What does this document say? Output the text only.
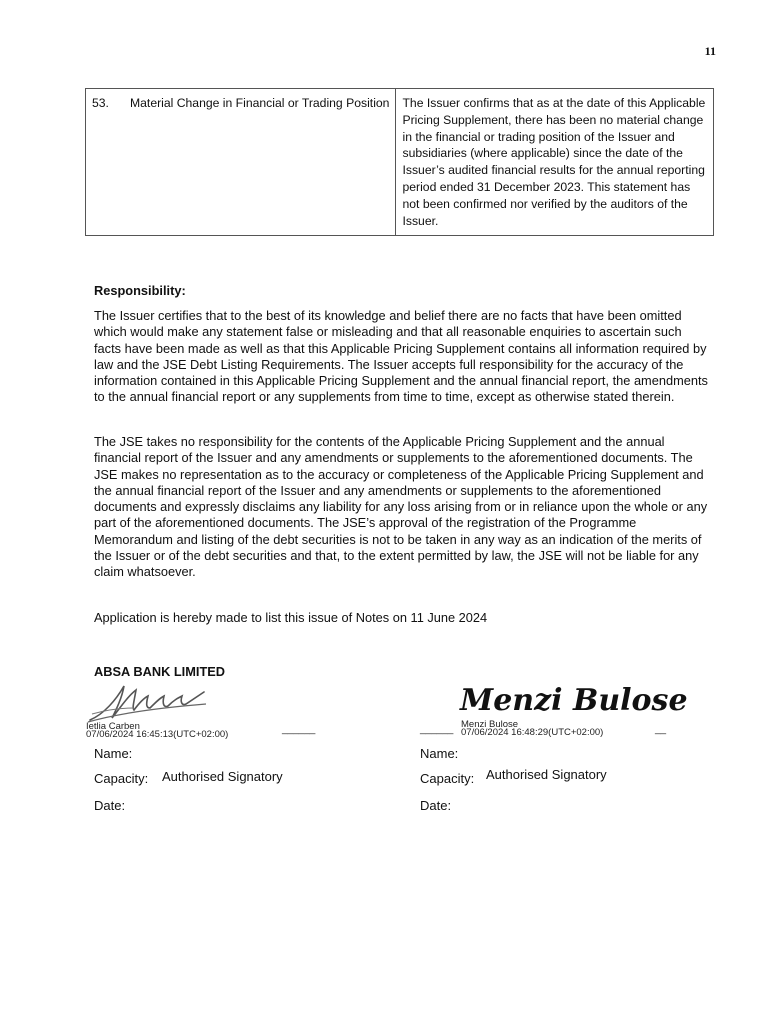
11
53.	Material Change in Financial or Trading Position	The Issuer confirms that as at the date of this Applicable Pricing Supplement, there has been no material change in the financial or trading position of the Issuer and subsidiaries (where applicable) since the date of the Issuer’s audited financial results for the annual reporting period ended 31 December 2023. This statement has not been confirmed nor verified by the auditors of the Issuer.
Responsibility:
The Issuer certifies that to the best of its knowledge and belief there are no facts that have been omitted which would make any statement false or misleading and that all reasonable enquiries to ascertain such facts have been made as well as that this Applicable Pricing Supplement contains all information required by law and the JSE Debt Listing Requirements. The Issuer accepts full responsibility for the accuracy of the information contained in this Applicable Pricing Supplement and the annual financial report, the amendments to the annual financial report or any supplements from time to time, except as otherwise stated therein.
The JSE takes no responsibility for the contents of the Applicable Pricing Supplement and the annual financial report of the Issuer and any amendments or supplements to the aforementioned documents. The JSE makes no representation as to the accuracy or completeness of the Applicable Pricing Supplement and the annual financial report of the Issuer and any amendments or supplements to the aforementioned documents and expressly disclaims any liability for any loss arising from or in reliance upon the whole or any part of the aforementioned documents. The JSE’s approval of the registration of the Programme Memorandum and listing of the debt securities is not to be taken in any way as an indication of the merits of the Issuer or of the debt securities and that, to the extent permitted by law, the JSE will not be liable for any claim whatsoever.
Application is hereby made to list this issue of Notes on 11 June 2024
ABSA BANK LIMITED
Ietlia Carben
07/06/2024 16:45:13(UTC+02:00)	______
Name:
Capacity: Authorised Signatory
Date:
______
Menzi Bulose
Menzi Bulose
07/06/2024 16:48:29(UTC+02:00)	__
Name:
Capacity: Authorised Signatory
Date:
